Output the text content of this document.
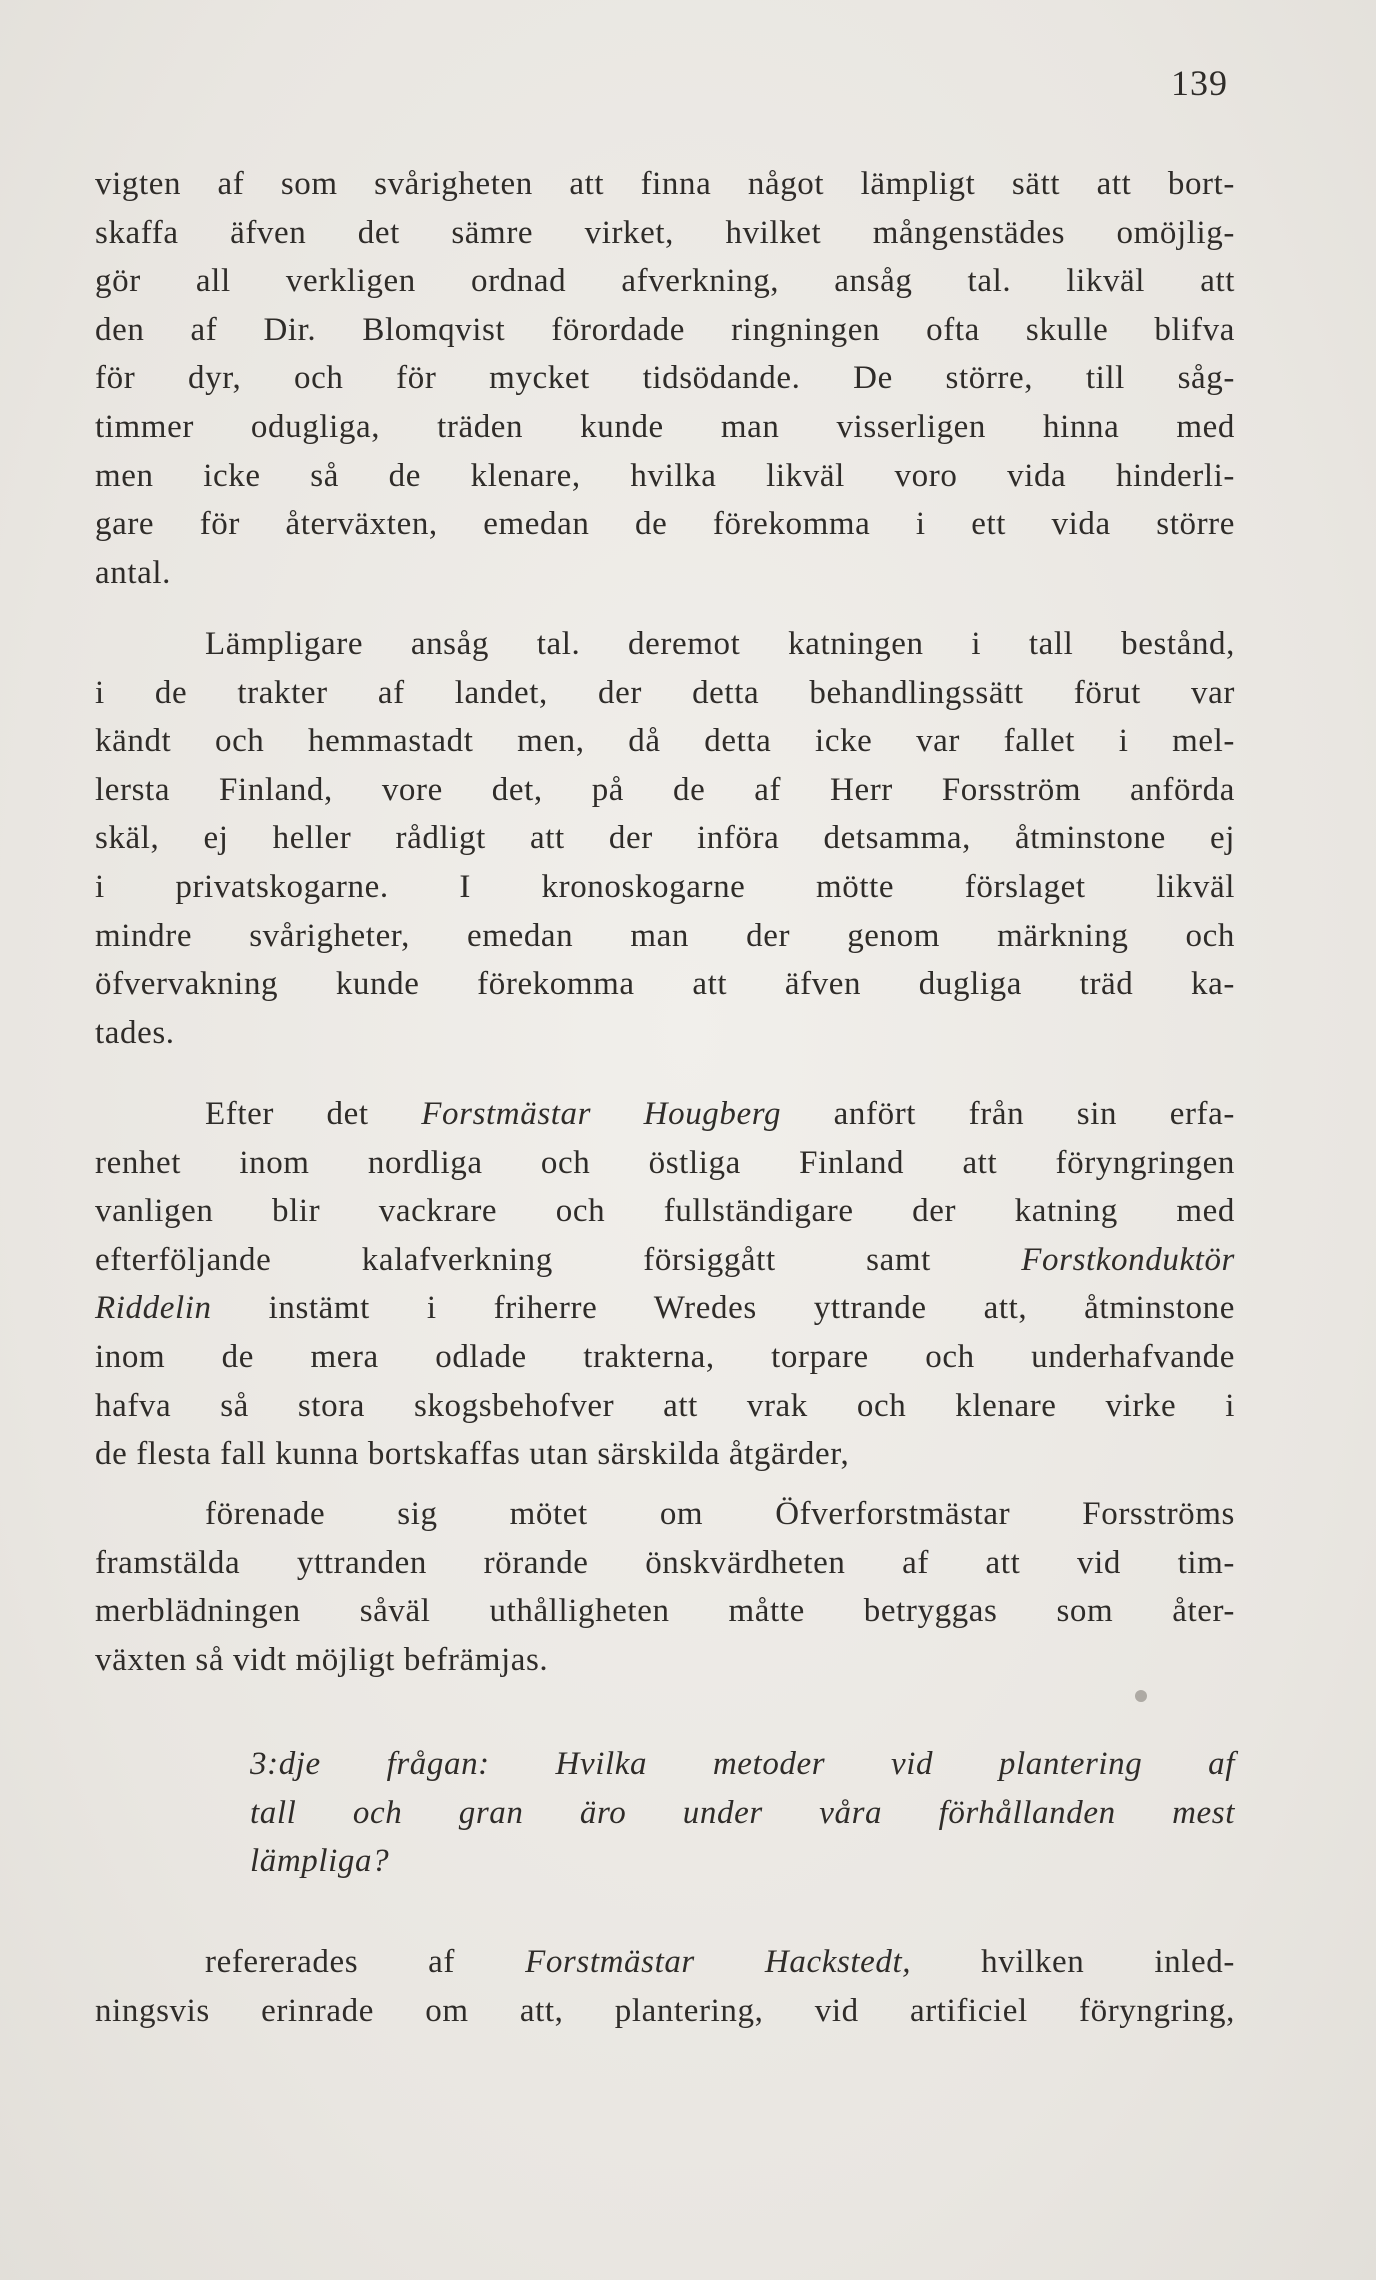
139
vigten af som svårigheten att finna något lämpligt sätt att bort-
skaffa äfven det sämre virket, hvilket mångenstädes omöjlig-
gör all verkligen ordnad afverkning, ansåg tal. likväl att
den af Dir. Blomqvist förordade ringningen ofta skulle blifva
för dyr, och för mycket tidsödande. De större, till såg-
timmer odugliga, träden kunde man visserligen hinna med
men icke så de klenare, hvilka likväl voro vida hinderli-
gare för återväxten, emedan de förekomma i ett vida större
antal.
Lämpligare ansåg tal. deremot katningen i tall bestånd,
i de trakter af landet, der detta behandlingssätt förut var
kändt och hemmastadt men, då detta icke var fallet i mel-
lersta Finland, vore det, på de af Herr Forsström anförda
skäl, ej heller rådligt att der införa detsamma, åtminstone ej
i privatskogarne. I kronoskogarne mötte förslaget likväl
mindre svårigheter, emedan man der genom märkning och
öfvervakning kunde förekomma att äfven dugliga träd ka-
tades.
Efter det Forstmästar Hougberg anfört från sin erfa-
renhet inom nordliga och östliga Finland att föryngringen
vanligen blir vackrare och fullständigare der katning med
efterföljande kalafverkning försiggått samt Forstkonduktör
Riddelin instämt i friherre Wredes yttrande att, åtminstone
inom de mera odlade trakterna, torpare och underhafvande
hafva så stora skogsbehofver att vrak och klenare virke i
de flesta fall kunna bortskaffas utan särskilda åtgärder,
förenade sig mötet om Öfverforstmästar Forsströms
framstälda yttranden rörande önskvärdheten af att vid tim-
merblädningen såväl uthålligheten måtte betryggas som åter-
växten så vidt möjligt befrämjas.
3:dje frågan: Hvilka metoder vid plantering af
tall och gran äro under våra förhållanden mest
lämpliga?
refererades af Forstmästar Hackstedt, hvilken inled-
ningsvis erinrade om att, plantering, vid artificiel föryngring,
